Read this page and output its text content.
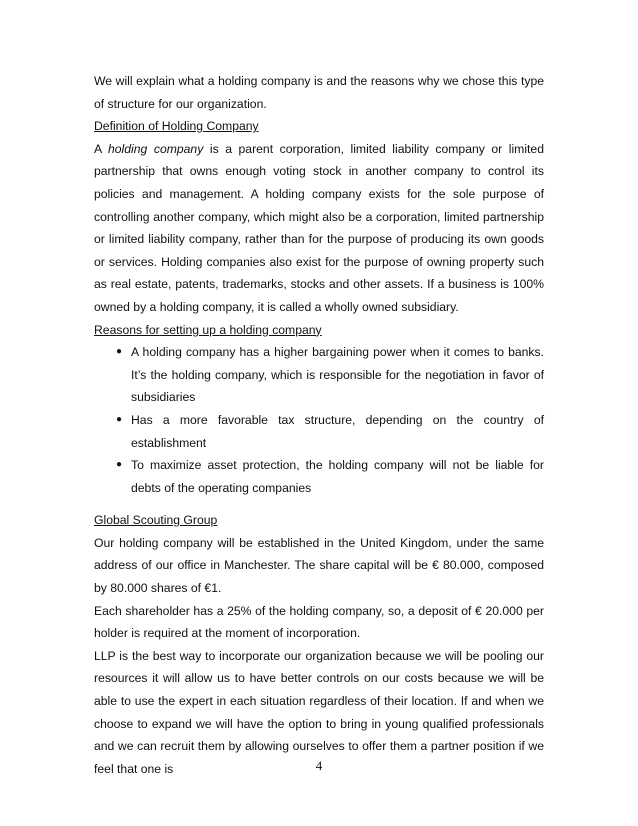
We will explain what a holding company is and the reasons why we chose this type of structure for our organization.

Definition of Holding Company

A holding company is a parent corporation, limited liability company or limited partnership that owns enough voting stock in another company to control its policies and management. A holding company exists for the sole purpose of controlling another company, which might also be a corporation, limited partnership or limited liability company, rather than for the purpose of producing its own goods or services. Holding companies also exist for the purpose of owning property such as real estate, patents, trademarks, stocks and other assets. If a business is 100% owned by a holding company, it is called a wholly owned subsidiary.

Reasons for setting up a holding company

● A holding company has a higher bargaining power when it comes to banks. It’s the holding company, which is responsible for the negotiation in favor of subsidiaries
● Has a more favorable tax structure, depending on the country of establishment
● To maximize asset protection, the holding company will not be liable for debts of the operating companies

Global Scouting Group

Our holding company will be established in the United Kingdom, under the same address of our office in Manchester. The share capital will be € 80.000, composed by 80.000 shares of €1.

Each shareholder has a 25% of the holding company, so, a deposit of € 20.000 per holder is required at the moment of incorporation.

LLP is the best way to incorporate our organization because we will be pooling our resources it will allow us to have better controls on our costs because we will be able to use the expert in each situation regardless of their location. If and when we choose to expand we will have the option to bring in young qualified professionals and we can recruit them by allowing ourselves to offer them a partner position if we feel that one is	4
